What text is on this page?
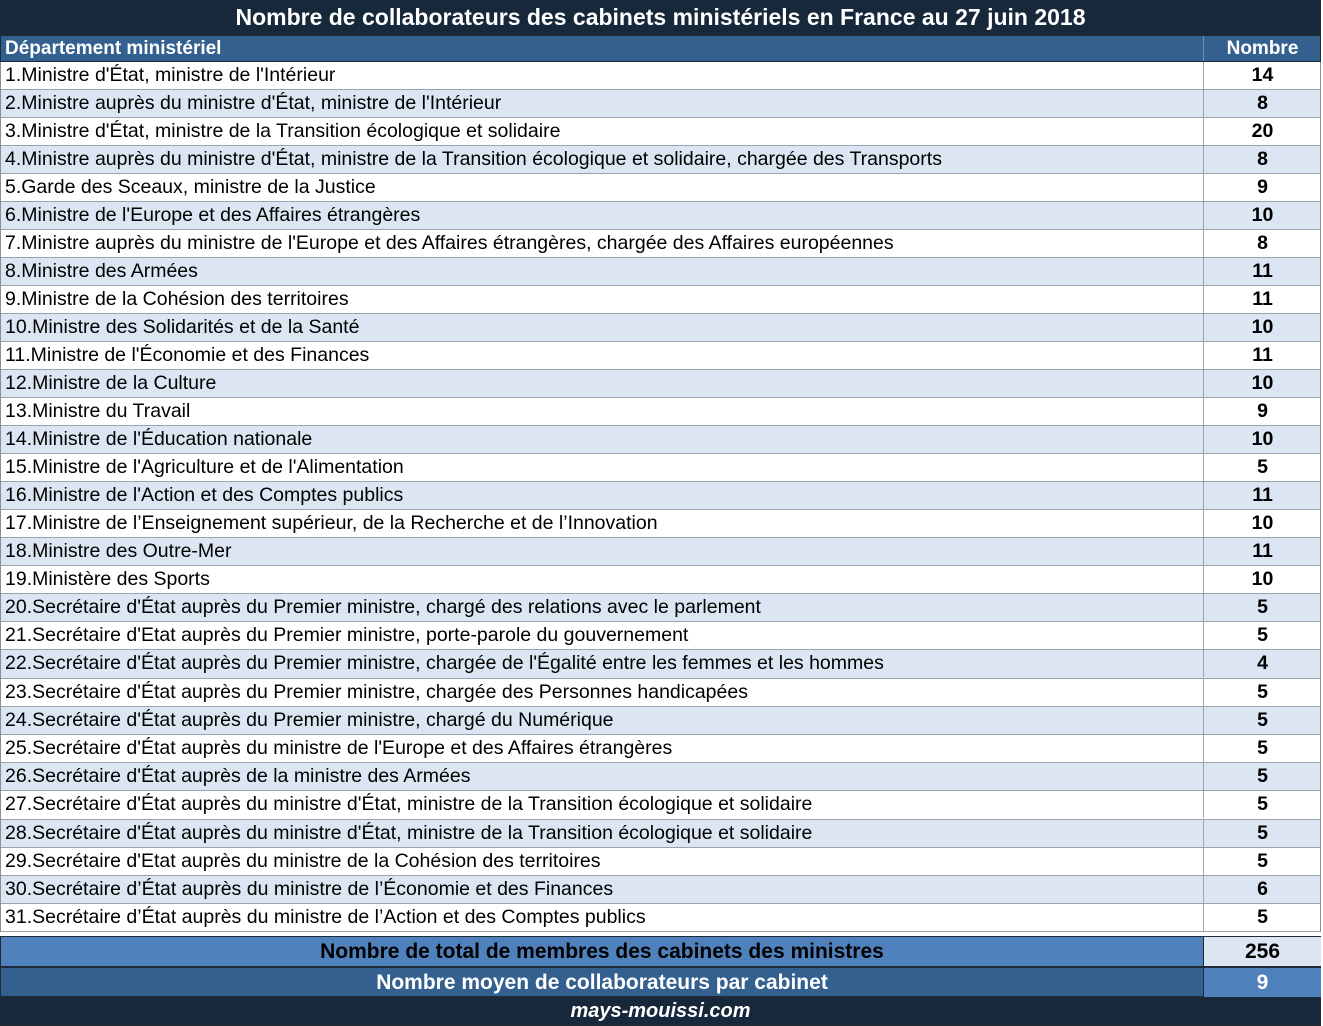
Nombre de collaborateurs des cabinets ministériels en France au 27 juin 2018
Département ministériel	Nombre
1.Ministre d'État, ministre de l'Intérieur	14
2.Ministre auprès du ministre d'État, ministre de l'Intérieur	8
3.Ministre d'État, ministre de la Transition écologique et solidaire	20
4.Ministre auprès du ministre d'État, ministre de la Transition écologique et solidaire, chargée des Transports	8
5.Garde des Sceaux, ministre de la Justice	9
6.Ministre de l'Europe et des Affaires étrangères	10
7.Ministre auprès du ministre de l'Europe et des Affaires étrangères, chargée des Affaires européennes	8
8.Ministre des Armées	11
9.Ministre de la Cohésion des territoires	11
10.Ministre des Solidarités et de la Santé	10
11.Ministre de l'Économie et des Finances	11
12.Ministre de la Culture	10
13.Ministre du Travail	9
14.Ministre de l'Éducation nationale	10
15.Ministre de l'Agriculture et de l'Alimentation	5
16.Ministre de l'Action et des Comptes publics	11
17.Ministre de l’Enseignement supérieur, de la Recherche et de l’Innovation	10
18.Ministre des Outre-Mer	11
19.Ministère des Sports	10
20.Secrétaire d'État auprès du Premier ministre, chargé des relations avec le parlement	5
21.Secrétaire d'Etat auprès du Premier ministre, porte-parole du gouvernement	5
22.Secrétaire d'État auprès du Premier ministre, chargée de l'Égalité entre les femmes et les hommes	4
23.Secrétaire d'État auprès du Premier ministre, chargée des Personnes handicapées	5
24.Secrétaire d'État auprès du Premier ministre, chargé du Numérique	5
25.Secrétaire d'État auprès du ministre de l'Europe et des Affaires étrangères	5
26.Secrétaire d'État auprès de la ministre des Armées	5
27.Secrétaire d'État auprès du ministre d'État, ministre de la Transition écologique et solidaire	5
28.Secrétaire d'État auprès du ministre d'État, ministre de la Transition écologique et solidaire	5
29.Secrétaire d'Etat auprès du ministre de la Cohésion des territoires	5
30.Secrétaire d’État auprès du ministre de l’Économie et des Finances	6
31.Secrétaire d’État auprès du ministre de l’Action et des Comptes publics	5
Nombre de total de membres des cabinets des ministres	256
Nombre moyen de collaborateurs par cabinet	9
mays-mouissi.com
